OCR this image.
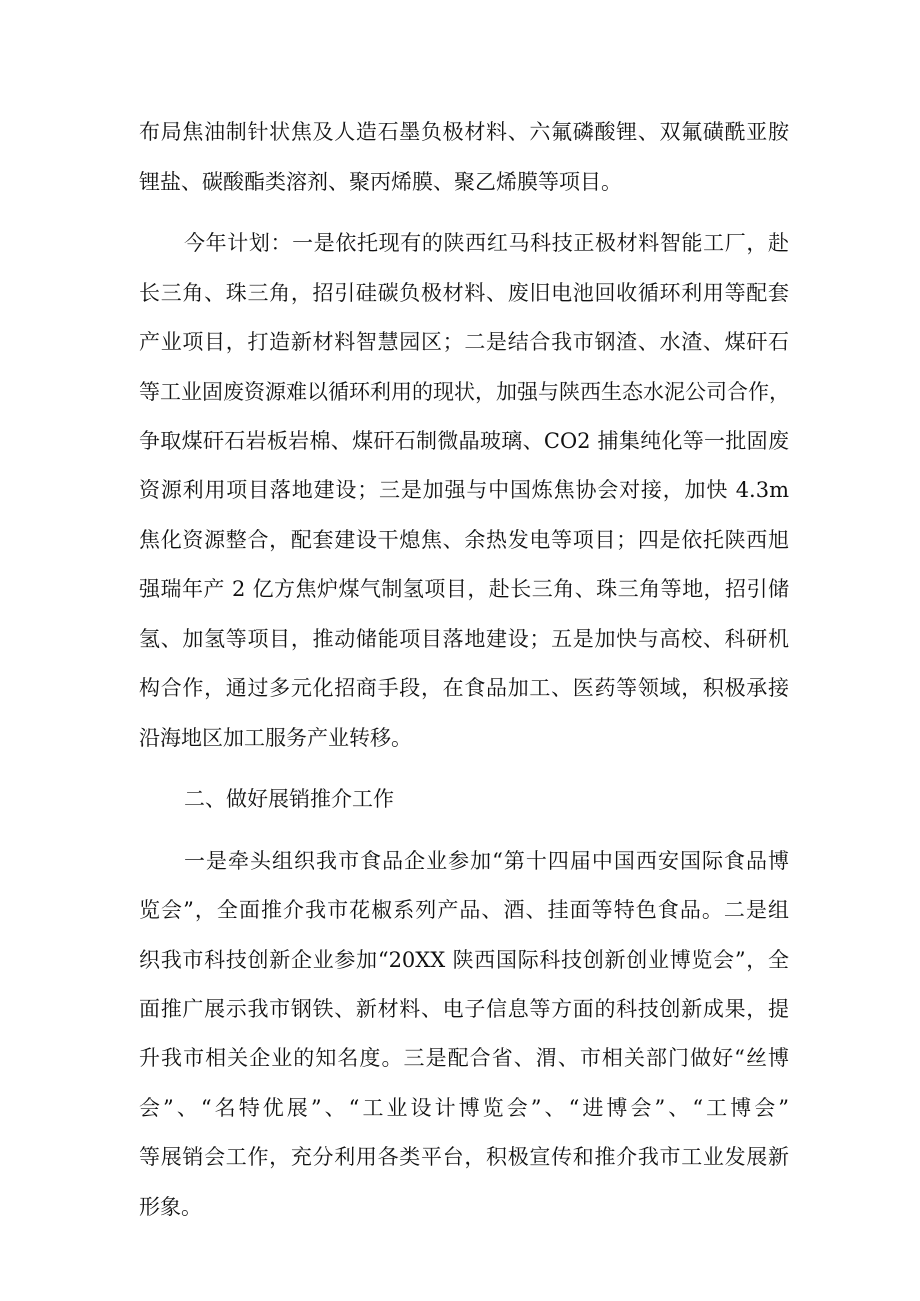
布局焦油制针状焦及人造石墨负极材料、六氟磷酸锂、双氟磺酰亚胺
锂盐、碳酸酯类溶剂、聚丙烯膜、聚乙烯膜等项目。
今年计划：一是依托现有的陕西红马科技正极材料智能工厂，赴
长三角、珠三角，招引硅碳负极材料、废旧电池回收循环利用等配套
产业项目，打造新材料智慧园区；二是结合我市钢渣、水渣、煤矸石
等工业固废资源难以循环利用的现状，加强与陕西生态水泥公司合作，
争取煤矸石岩板岩棉、煤矸石制微晶玻璃、CO2 捕集纯化等一批固废
资源利用项目落地建设；三是加强与中国炼焦协会对接，加快 4.3m
焦化资源整合，配套建设干熄焦、余热发电等项目；四是依托陕西旭
强瑞年产 2 亿方焦炉煤气制氢项目，赴长三角、珠三角等地，招引储
氢、加氢等项目，推动储能项目落地建设；五是加快与高校、科研机
构合作，通过多元化招商手段，在食品加工、医药等领域，积极承接
沿海地区加工服务产业转移。
二、做好展销推介工作
一是牵头组织我市食品企业参加“第十四届中国西安国际食品博
览会”，全面推介我市花椒系列产品、酒、挂面等特色食品。二是组
织我市科技创新企业参加“20XX 陕西国际科技创新创业博览会”，全
面推广展示我市钢铁、新材料、电子信息等方面的科技创新成果，提
升我市相关企业的知名度。三是配合省、渭、市相关部门做好“丝博
会”、“名特优展”、“工业设计博览会”、“进博会”、“工博会”
等展销会工作，充分利用各类平台，积极宣传和推介我市工业发展新
形象。
